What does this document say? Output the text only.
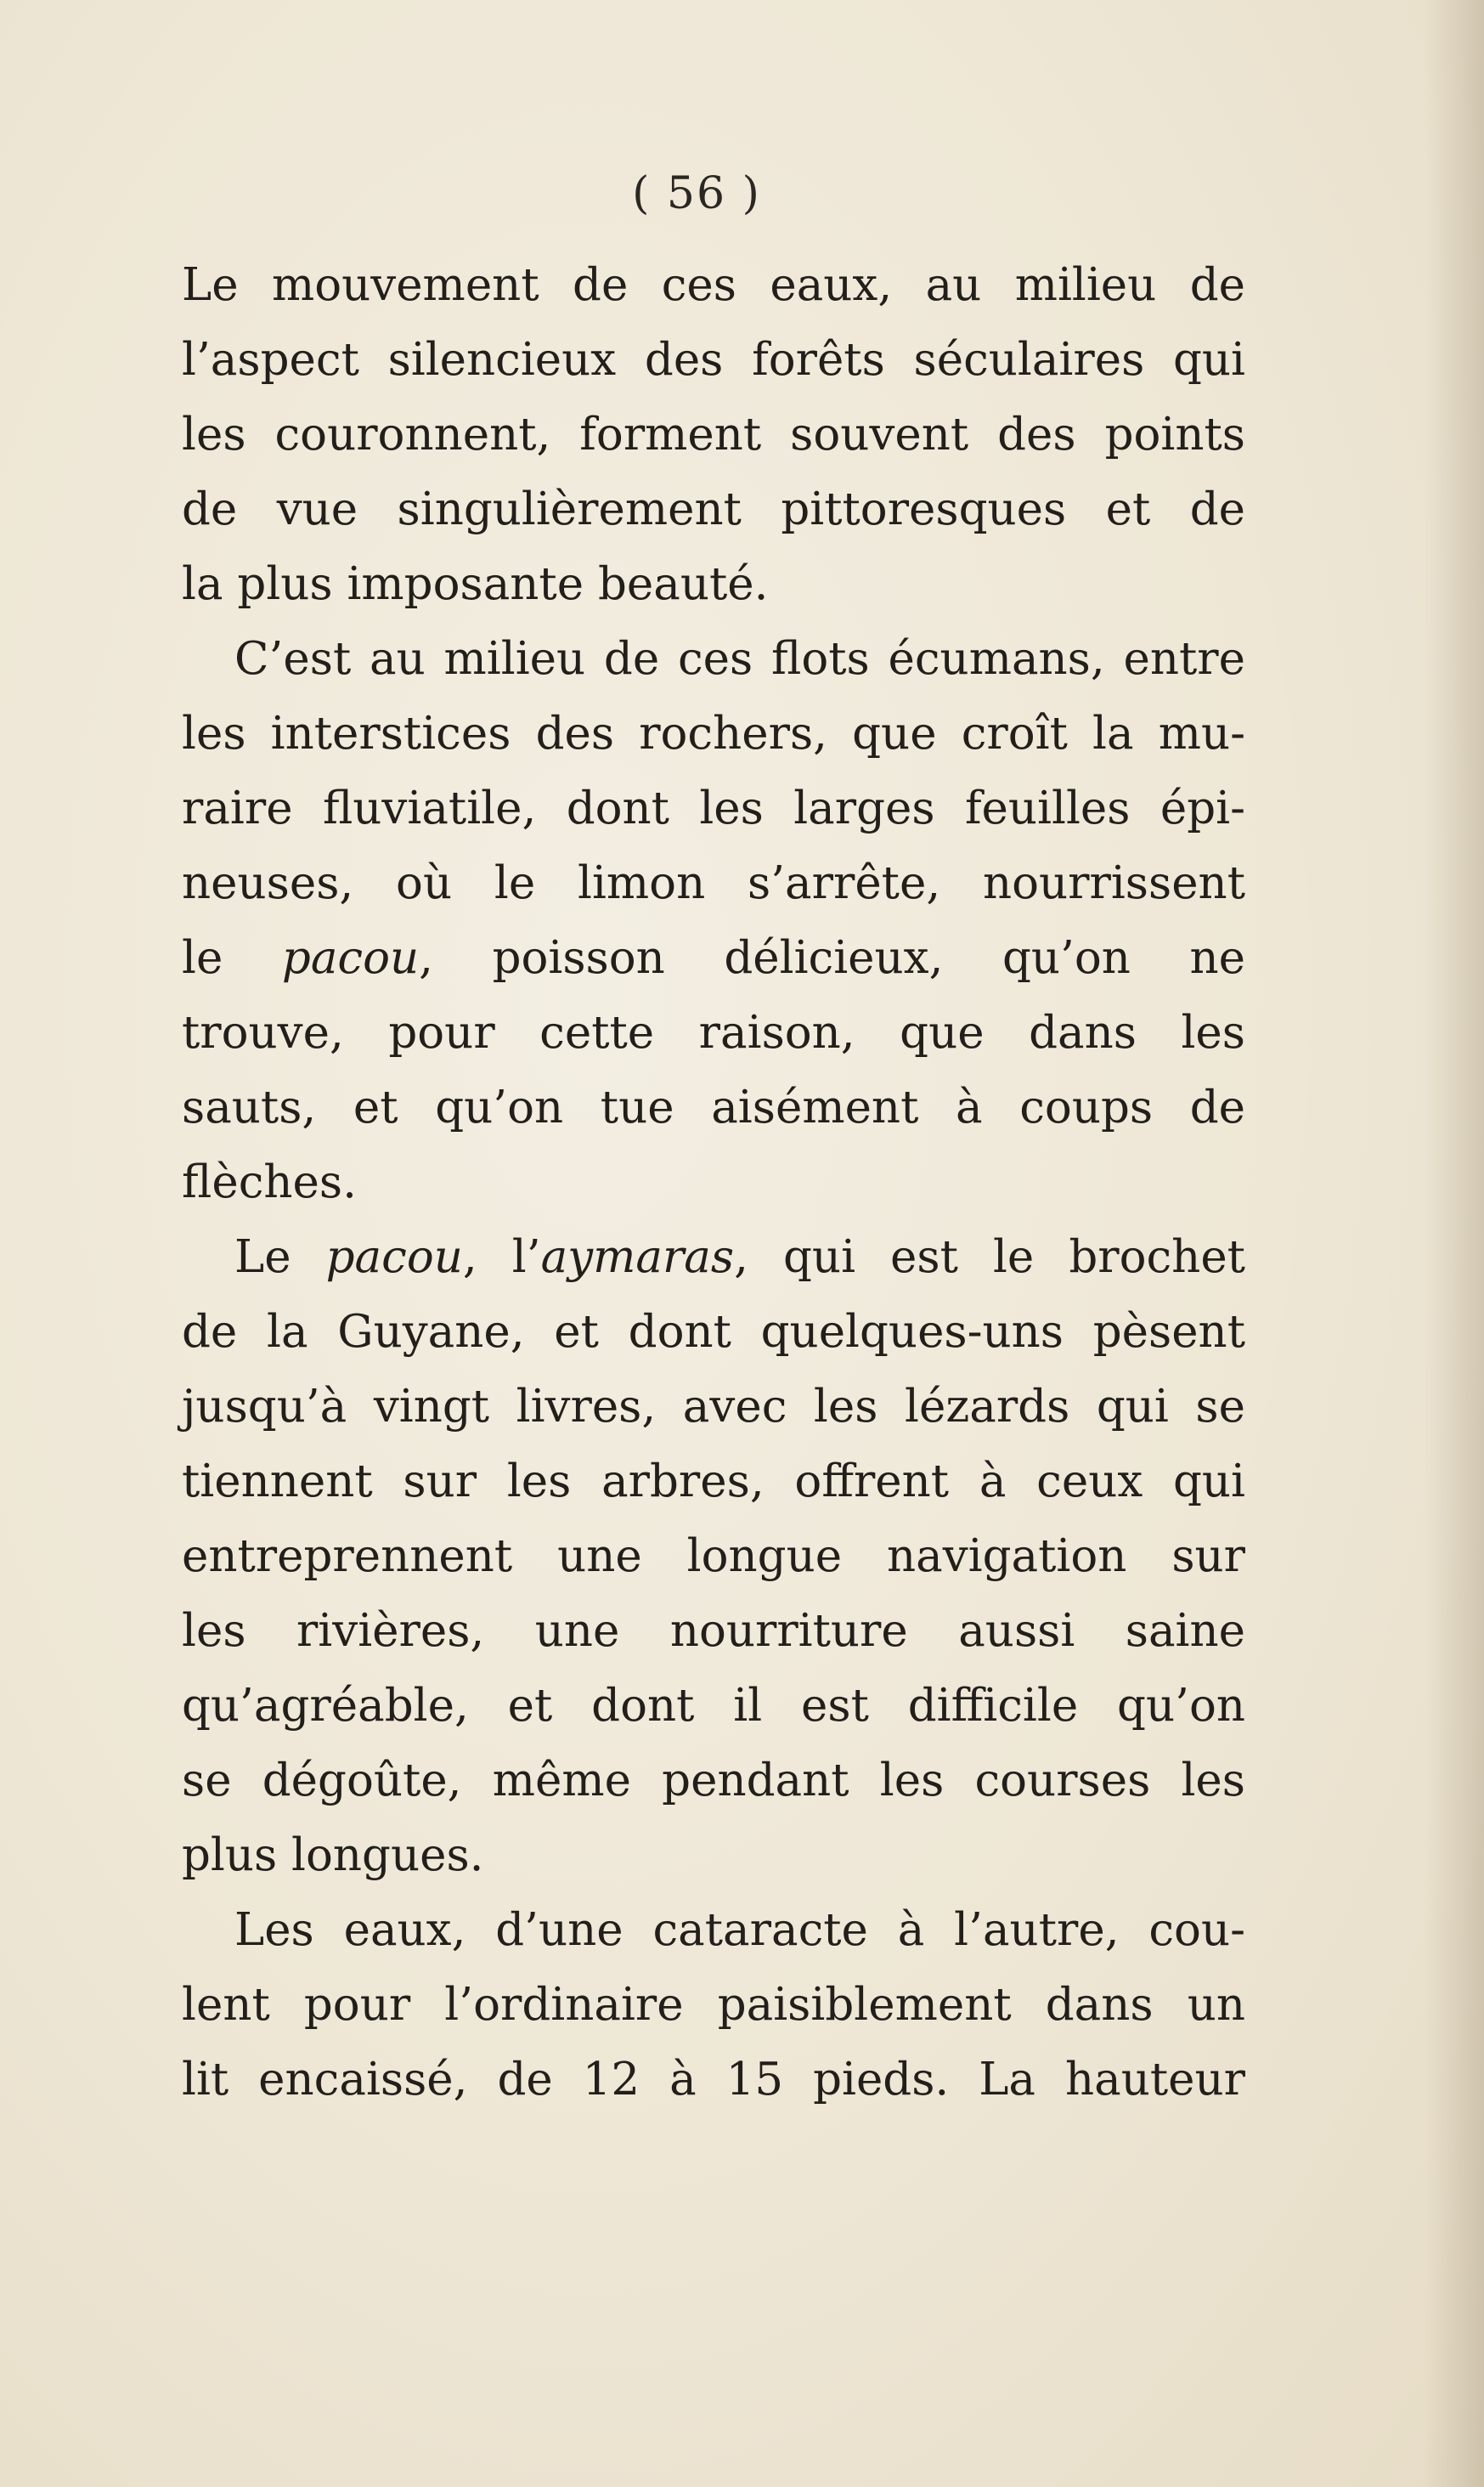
( 56 )
Le mouvement de ces eaux, au milieu de
l’aspect silencieux des forêts séculaires qui
les couronnent, forment souvent des points
de vue singulièrement pittoresques et de
la plus imposante beauté.
C’est au milieu de ces flots écumans, entre
les interstices des rochers, que croît la mu-
raire fluviatile, dont les larges feuilles épi-
neuses, où le limon s’arrête, nourrissent
le pacou, poisson délicieux, qu’on ne
trouve, pour cette raison, que dans les
sauts, et qu’on tue aisément à coups de
flèches.
Le pacou, l’aymaras, qui est le brochet
de la Guyane, et dont quelques-uns pèsent
jusqu’à vingt livres, avec les lézards qui se
tiennent sur les arbres, offrent à ceux qui
entreprennent une longue navigation sur
les rivières, une nourriture aussi saine
qu’agréable, et dont il est difficile qu’on
se dégoûte, même pendant les courses les
plus longues.
Les eaux, d’une cataracte à l’autre, cou-
lent pour l’ordinaire paisiblement dans un
lit encaissé, de 12 à 15 pieds. La hauteur
